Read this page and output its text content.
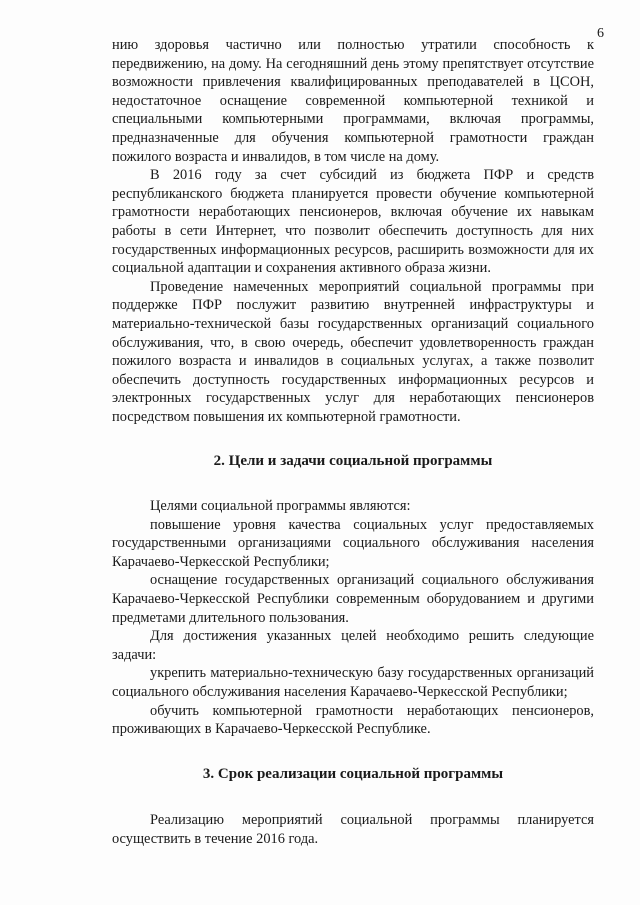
6

нию здоровья частично или полностью утратили способность к передвижению, на дому. На сегодняшний день этому препятствует отсутствие возможности привлечения квалифицированных преподавателей в ЦСОН, недостаточное оснащение современной компьютерной техникой и специальными компьютерными программами, включая программы, предназначенные для обучения компьютерной грамотности граждан пожилого возраста и инвалидов, в том числе на дому.

В 2016 году за счет субсидий из бюджета ПФР и средств республиканского бюджета планируется провести обучение компьютерной грамотности неработающих пенсионеров, включая обучение их навыкам работы в сети Интернет, что позволит обеспечить доступность для них государственных информационных ресурсов, расширить возможности для их социальной адаптации и сохранения активного образа жизни.

Проведение намеченных мероприятий социальной программы при поддержке ПФР послужит развитию внутренней инфраструктуры и материально-технической базы государственных организаций социального обслуживания, что, в свою очередь, обеспечит удовлетворенность граждан пожилого возраста и инвалидов в социальных услугах, а также позволит обеспечить доступность государственных информационных ресурсов и электронных государственных услуг для неработающих пенсионеров посредством повышения их компьютерной грамотности.

2. Цели и задачи социальной программы

Целями социальной программы являются:

повышение уровня качества социальных услуг предоставляемых государственными организациями социального обслуживания населения Карачаево-Черкесской Республики;

оснащение государственных организаций социального обслуживания Карачаево-Черкесской Республики современным оборудованием и другими предметами длительного пользования.

Для достижения указанных целей необходимо решить следующие задачи:

укрепить материально-техническую базу государственных организаций социального обслуживания населения Карачаево-Черкесской Республики;

обучить компьютерной грамотности неработающих пенсионеров, проживающих в Карачаево-Черкесской Республике.

3. Срок реализации социальной программы

Реализацию мероприятий социальной программы планируется осуществить в течение 2016 года.
